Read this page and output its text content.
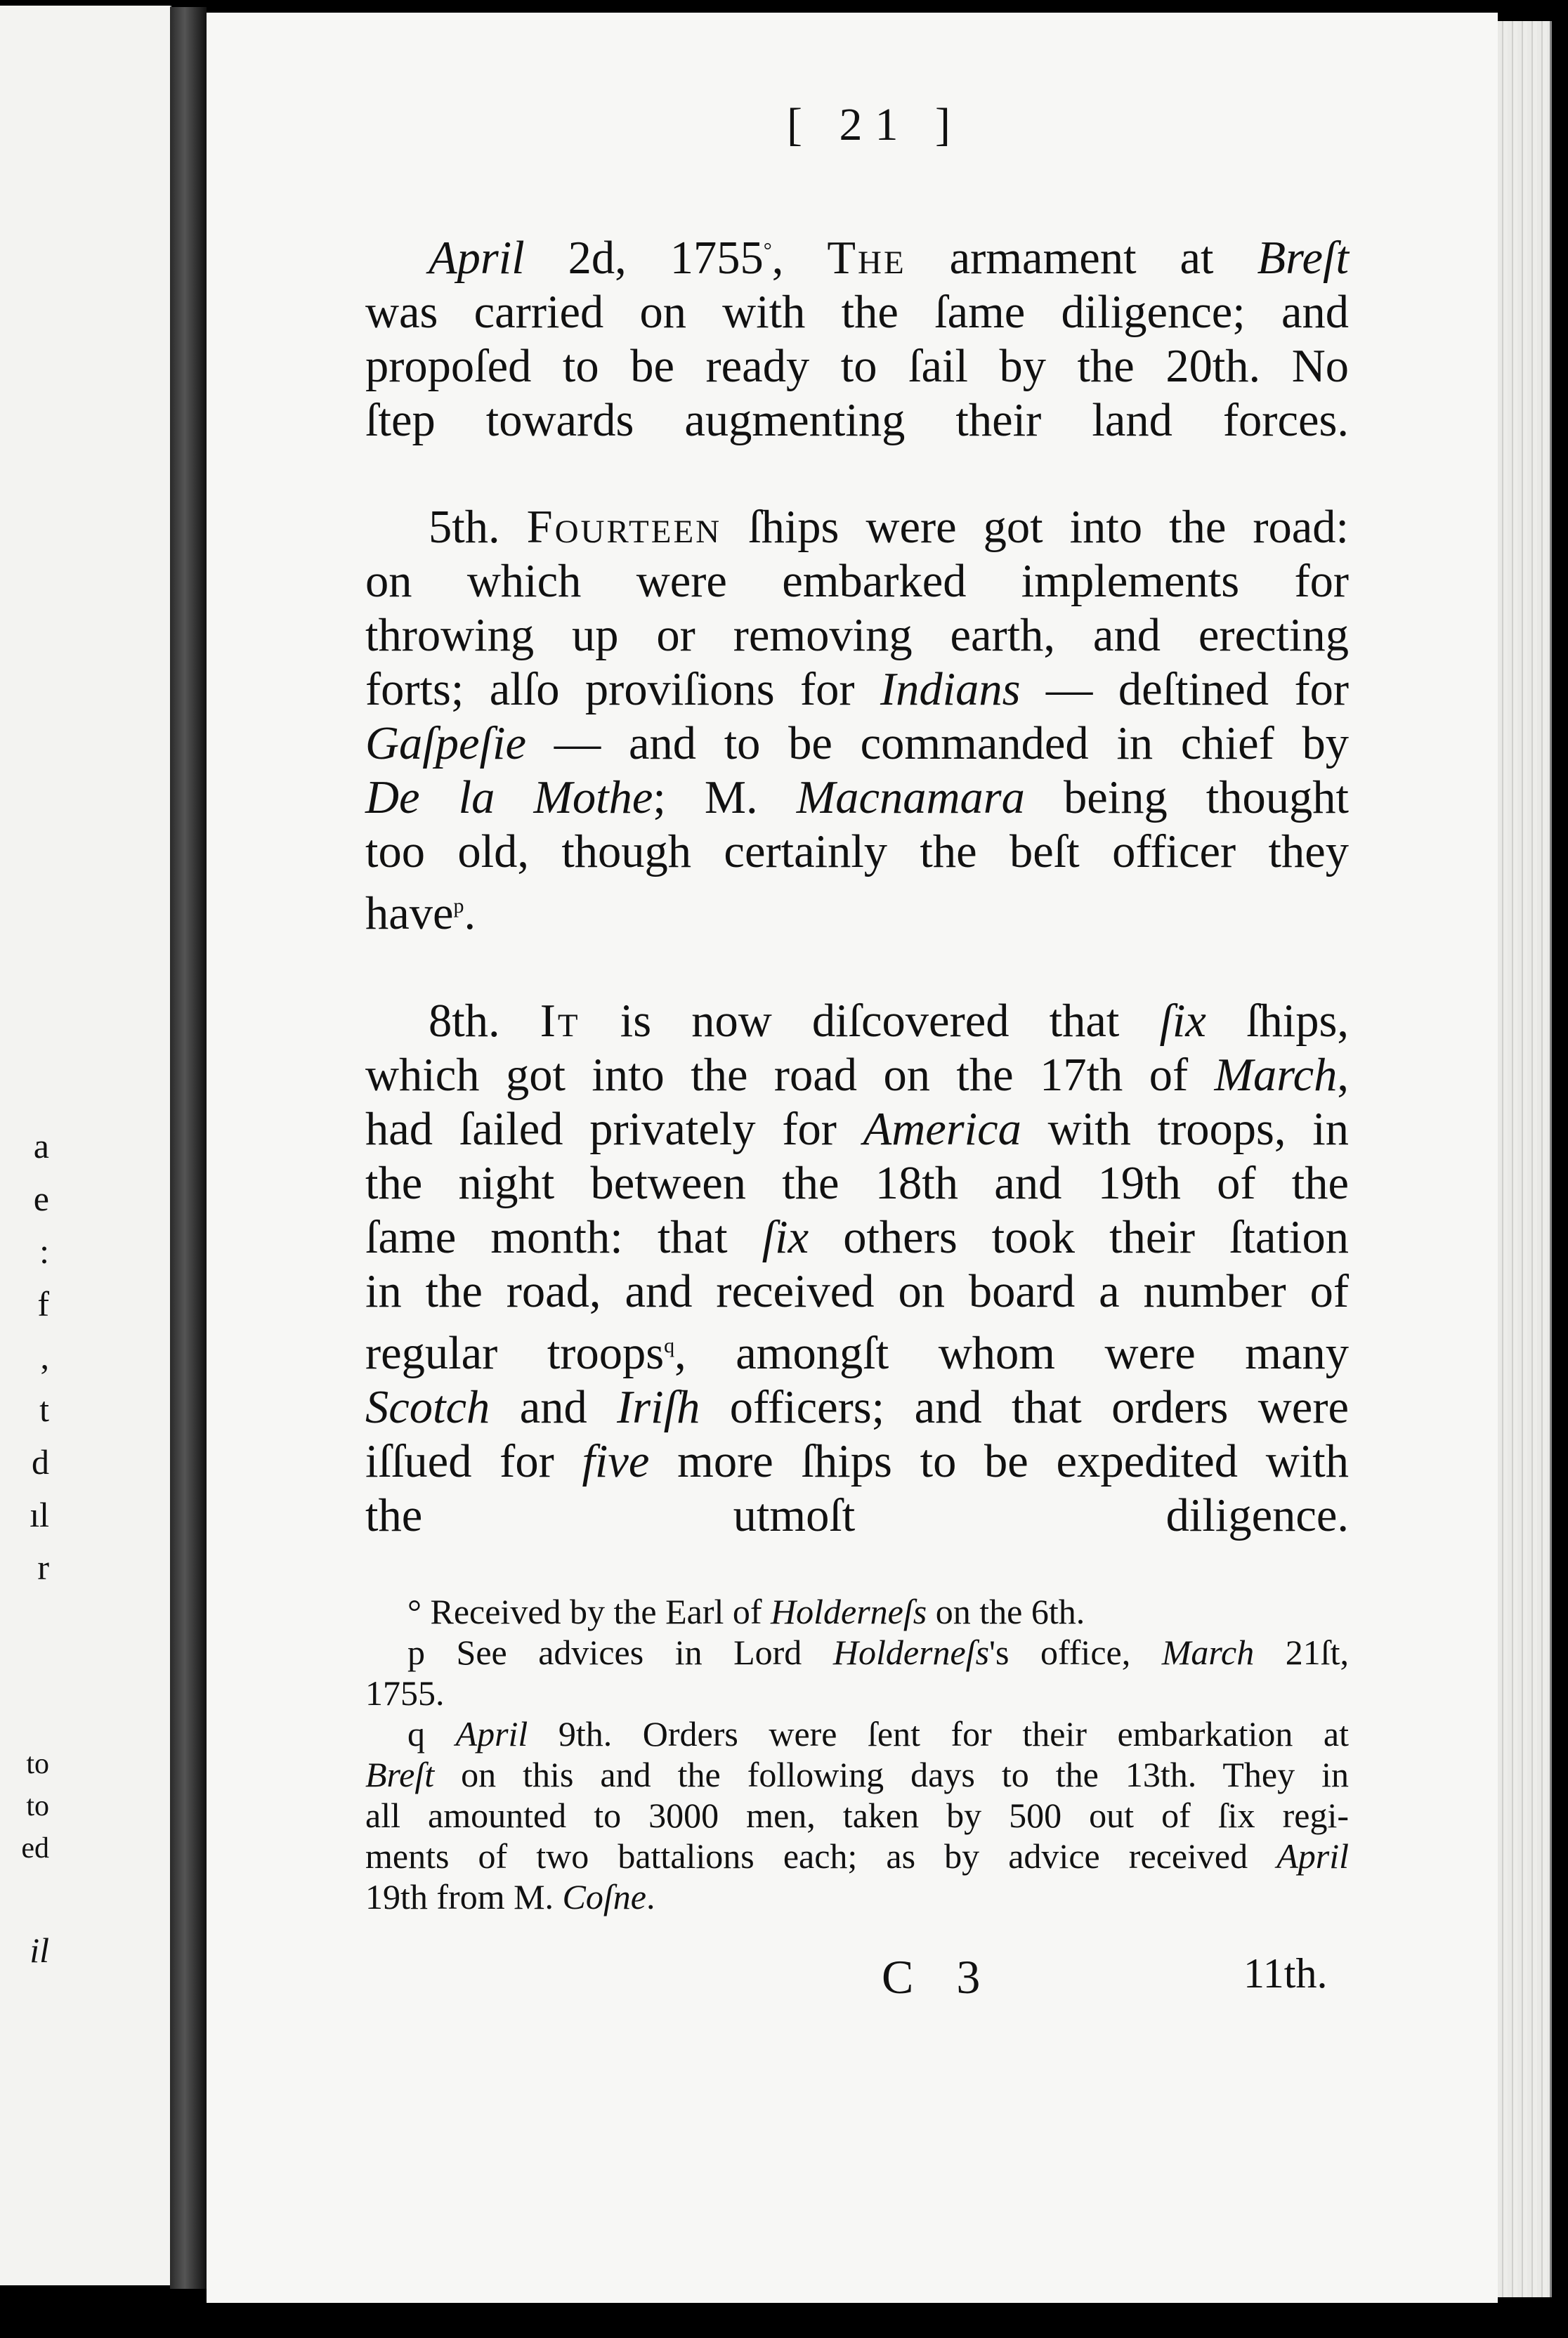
a
e
:
f
,
t
d
ıl
r
to
to
ed
il
[ 21 ]
April 2d, 1755°, The armament at Breſt
was carried on with the ſame diligence; and
propoſed to be ready to ſail by the 20th. No
ſtep towards augmenting their land forces.
5th. Fourteen ſhips were got into the road:
on which were embarked implements for
throwing up or removing earth, and erecting
forts; alſo proviſions for Indians — deſtined for
Gaſpeſie — and to be commanded in chief by
De la Mothe; M. Macnamara being thought
too old, though certainly the beſt officer they
have$^p$.
8th. It is now diſcovered that ſix ſhips,
which got into the road on the 17th of March,
had ſailed privately for America with troops, in
the night between the 18th and 19th of the
ſame month: that ſix others took their ſtation
in the road, and received on board a number of
regular troops$^q$, amongſt whom were many
Scotch and Iriſh officers; and that orders were
iſſued for five more ſhips to be expedited with
the utmoſt diligence.
° Received by the Earl of Holderneſs on the 6th.
p See advices in Lord Holderneſs's office, March 21ſt,
1755.
q April 9th. Orders were ſent for their embarkation at
Breſt on this and the following days to the 13th. They in
all amounted to 3000 men, taken by 500 out of ſix regi-
ments of two battalions each; as by advice received April
19th from M. Coſne.
C 3	11th.
